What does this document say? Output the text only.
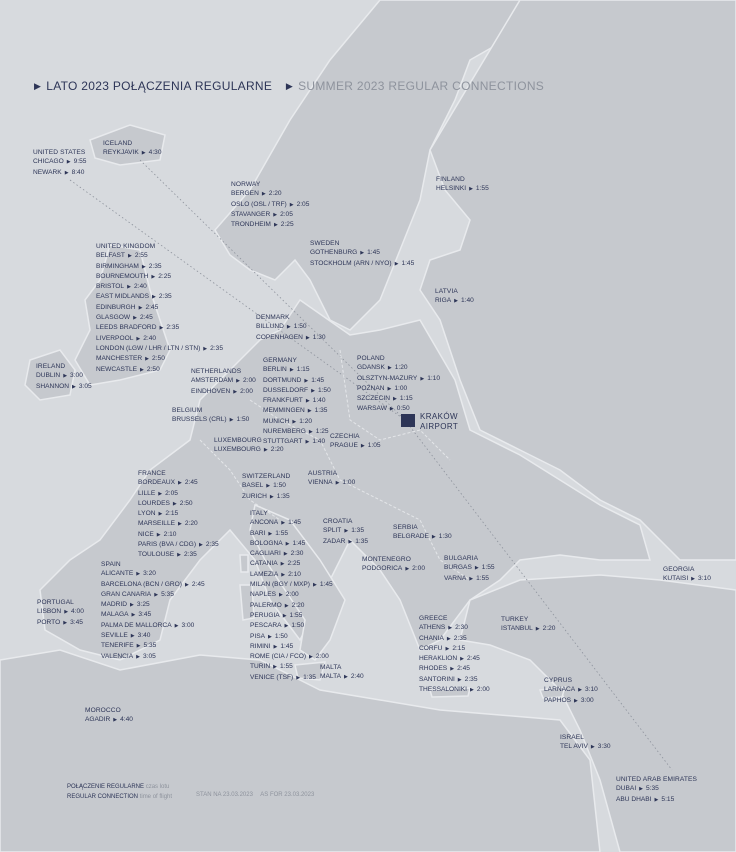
▶ LATO 2023 POŁĄCZENIA REGULARNE ▶ SUMMER 2023 REGULAR CONNECTIONS
KRAKÓW
AIRPORT
ICELAND
REYKJAVIK ▶ 4:30
UNITED STATES
CHICAGO ▶ 9:55
NEWARK ▶ 8:40
NORWAY
BERGEN ▶ 2:20
OSLO (OSL / TRF) ▶ 2:05
STAVANGER ▶ 2:05
TRONDHEIM ▶ 2:25
FINLAND
HELSINKI ▶ 1:55
SWEDEN
GOTHENBURG ▶ 1:45
STOCKHOLM (ARN / NYO) ▶ 1:45
UNITED KINGDOM
BELFAST ▶ 2:55
BIRMINGHAM ▶ 2:35
BOURNEMOUTH ▶ 2:25
BRISTOL ▶ 2:40
EAST MIDLANDS ▶ 2:35
EDINBURGH ▶ 2:45
GLASGOW ▶ 2:45
LEEDS BRADFORD ▶ 2:35
LIVERPOOL ▶ 2:40
LONDON (LGW / LHR / LTN / STN) ▶ 2:35
MANCHESTER ▶ 2:50
NEWCASTLE ▶ 2:50
LATVIA
RIGA ▶ 1:40
DENMARK
BILLUND ▶ 1:50
COPENHAGEN ▶ 1:30
IRELAND
DUBLIN ▶ 3:00
SHANNON ▶ 3:05
GERMANY
BERLIN ▶ 1:15
DORTMUND ▶ 1:45
DUSSELDORF ▶ 1:50
FRANKFURT ▶ 1:40
MEMMINGEN ▶ 1:35
MUNICH ▶ 1:20
NUREMBERG ▶ 1:25
STUTTGART ▶ 1:40
POLAND
GDANSK ▶ 1:20
OLSZTYN-MAZURY ▶ 1:10
POZNAN ▶ 1:00
SZCZECIN ▶ 1:15
WARSAW ▶ 0:50
NETHERLANDS
AMSTERDAM ▶ 2:00
EINDHOVEN ▶ 2:00
BELGIUM
BRUSSELS (CRL) ▶ 1:50
LUXEMBOURG
LUXEMBOURG ▶ 2:20
CZECHIA
PRAGUE ▶ 1:05
FRANCE
BORDEAUX ▶ 2:45
LILLE ▶ 2:05
LOURDES ▶ 2:50
LYON ▶ 2:15
MARSEILLE ▶ 2:20
NICE ▶ 2:10
PARIS (BVA / CDG) ▶ 2:35
TOULOUSE ▶ 2:35
SWITZERLAND
BASEL ▶ 1:50
ZURICH ▶ 1:35
AUSTRIA
VIENNA ▶ 1:00
ITALY
ANCONA ▶ 1:45
BARI ▶ 1:55
BOLOGNA ▶ 1:45
CAGLIARI ▶ 2:30
CATANIA ▶ 2:25
LAMEZIA ▶ 2:10
MILAN (BGY / MXP) ▶ 1:45
NAPLES ▶ 2:00
PALERMO ▶ 2:20
PERUGIA ▶ 1:55
PESCARA ▶ 1:50
PISA ▶ 1:50
RIMINI ▶ 1:45
ROME (CIA / FCO) ▶ 2:00
TURIN ▶ 1:55
VENICE (TSF) ▶ 1:35
CROATIA
SPLIT ▶ 1:35
ZADAR ▶ 1:35
SERBIA
BELGRADE ▶ 1:30
MONTENEGRO
PODGORICA ▶ 2:00
BULGARIA
BURGAS ▶ 1:55
VARNA ▶ 1:55
GEORGIA
KUTAISI ▶ 3:10
SPAIN
ALICANTE ▶ 3:20
BARCELONA (BCN / GRO) ▶ 2:45
GRAN CANARIA ▶ 5:35
MADRID ▶ 3:25
MALAGA ▶ 3:45
PALMA DE MALLORCA ▶ 3:00
SEVILLE ▶ 3:40
TENERIFE ▶ 5:35
VALENCIA ▶ 3:05
PORTUGAL
LISBON ▶ 4:00
PORTO ▶ 3:45
GREECE
ATHENS ▶ 2:30
CHANIA ▶ 2:35
CORFU ▶ 2:15
HERAKLION ▶ 2:45
RHODES ▶ 2:45
SANTORINI ▶ 2:35
THESSALONIKI ▶ 2:00
TURKEY
ISTANBUL ▶ 2:20
MALTA
MALTA ▶ 2:40
CYPRUS
LARNACA ▶ 3:10
PAPHOS ▶ 3:00
MOROCCO
AGADIR ▶ 4:40
ISRAEL
TEL AVIV ▶ 3:30
UNITED ARAB EMIRATES
DUBAI ▶ 5:35
ABU DHABI ▶ 5:15
POŁĄCZENIE REGULARNE czas lotu
REGULAR CONNECTION time of flight	STAN NA 23.03.2023 AS FOR 23.03.2023
